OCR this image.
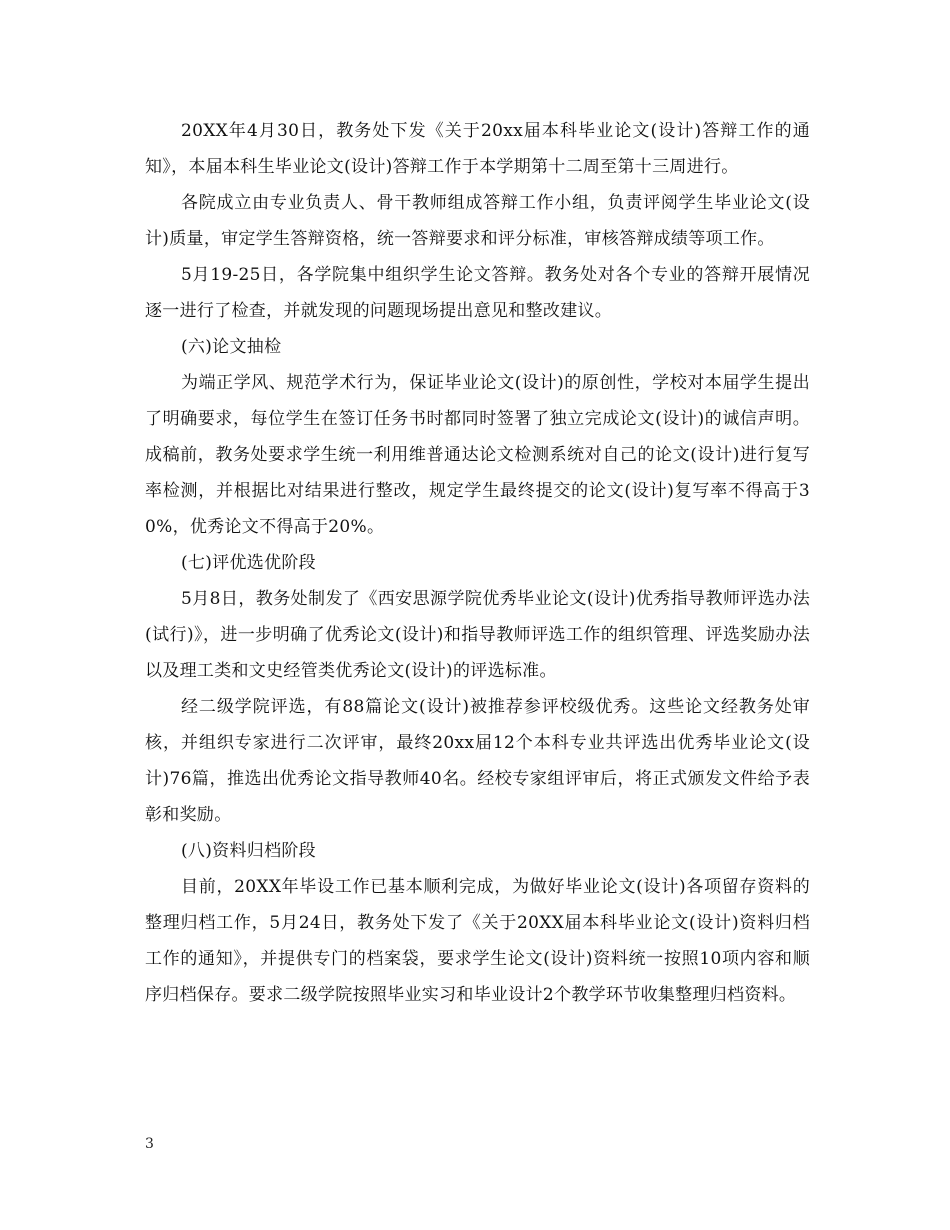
20XX年4月30日，教务处下发《关于20xx届本科毕业论文(设计)答辩工作的通知》，本届本科生毕业论文(设计)答辩工作于本学期第十二周至第十三周进行。

各院成立由专业负责人、骨干教师组成答辩工作小组，负责评阅学生毕业论文(设计)质量，审定学生答辩资格，统一答辩要求和评分标准，审核答辩成绩等项工作。

5月19-25日，各学院集中组织学生论文答辩。教务处对各个专业的答辩开展情况逐一进行了检查，并就发现的问题现场提出意见和整改建议。

(六)论文抽检

为端正学风、规范学术行为，保证毕业论文(设计)的原创性，学校对本届学生提出了明确要求，每位学生在签订任务书时都同时签署了独立完成论文(设计)的诚信声明。成稿前，教务处要求学生统一利用维普通达论文检测系统对自己的论文(设计)进行复写率检测，并根据比对结果进行整改，规定学生最终提交的论文(设计)复写率不得高于30%，优秀论文不得高于20%。

(七)评优选优阶段

5月8日，教务处制发了《西安思源学院优秀毕业论文(设计)优秀指导教师评选办法(试行)》，进一步明确了优秀论文(设计)和指导教师评选工作的组织管理、评选奖励办法以及理工类和文史经管类优秀论文(设计)的评选标准。

经二级学院评选，有88篇论文(设计)被推荐参评校级优秀。这些论文经教务处审核，并组织专家进行二次评审，最终20xx届12个本科专业共评选出优秀毕业论文(设计)76篇，推选出优秀论文指导教师40名。经校专家组评审后，将正式颁发文件给予表彰和奖励。

(八)资料归档阶段

目前，20XX年毕设工作已基本顺利完成，为做好毕业论文(设计)各项留存资料的整理归档工作，5月24日，教务处下发了《关于20XX届本科毕业论文(设计)资料归档工作的通知》，并提供专门的档案袋，要求学生论文(设计)资料统一按照10项内容和顺序归档保存。要求二级学院按照毕业实习和毕业设计2个教学环节收集整理归档资料。

3
